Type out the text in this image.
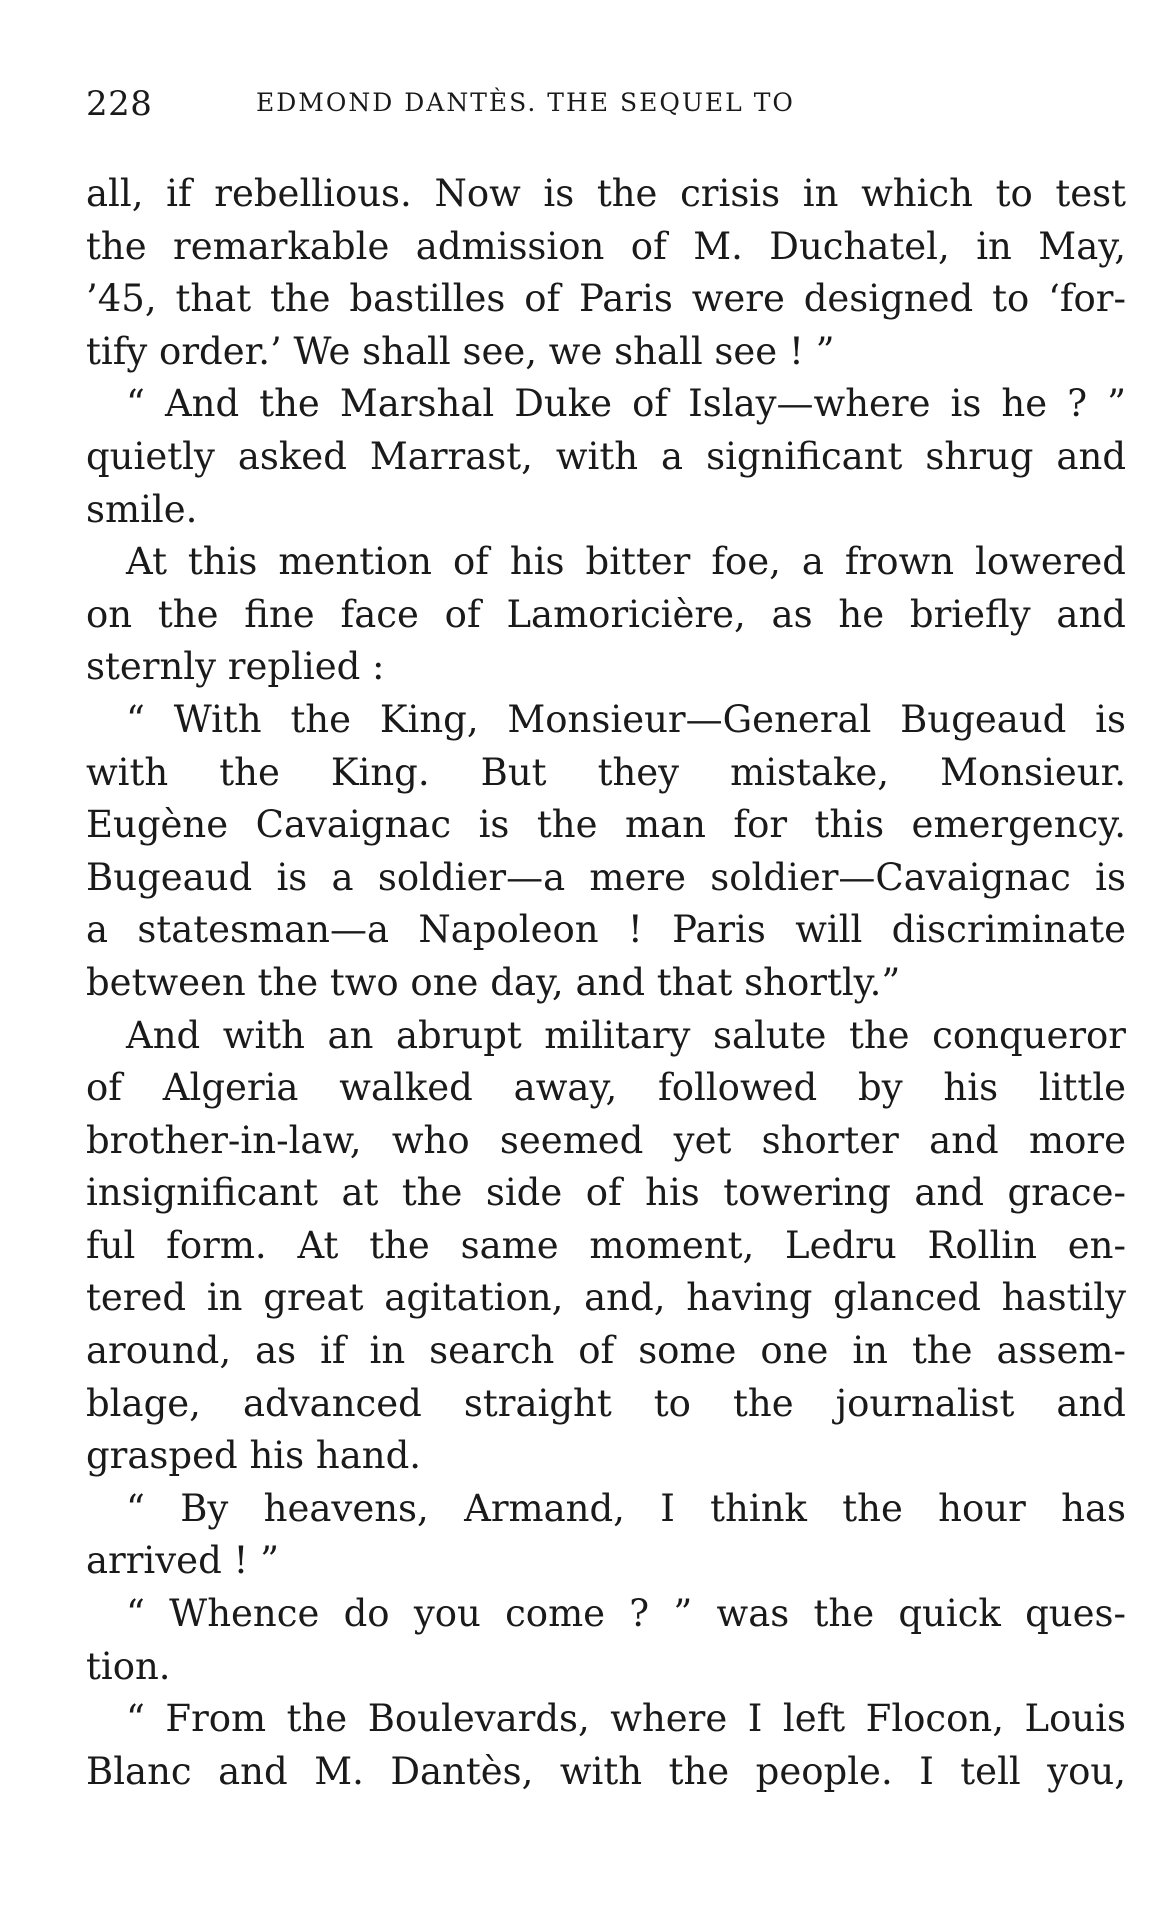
228	EDMOND DANTÈS. THE SEQUEL TO
all, if rebellious. Now is the crisis in which to test
the remarkable admission of M. Duchatel, in May,
’45, that the bastilles of Paris were designed to ‘for-
tify order.’ We shall see, we shall see ! ”
“ And the Marshal Duke of Islay—where is he ? ”
quietly asked Marrast, with a significant shrug and
smile.
At this mention of his bitter foe, a frown lowered
on the fine face of Lamoricière, as he briefly and
sternly replied :
“ With the King, Monsieur—General Bugeaud is
with the King. But they mistake, Monsieur.
Eugène Cavaignac is the man for this emergency.
Bugeaud is a soldier—a mere soldier—Cavaignac is
a statesman—a Napoleon ! Paris will discriminate
between the two one day, and that shortly.”
And with an abrupt military salute the conqueror
of Algeria walked away, followed by his little
brother-in-law, who seemed yet shorter and more
insignificant at the side of his towering and grace-
ful form. At the same moment, Ledru Rollin en-
tered in great agitation, and, having glanced hastily
around, as if in search of some one in the assem-
blage, advanced straight to the journalist and
grasped his hand.
“ By heavens, Armand, I think the hour has
arrived ! ”
“ Whence do you come ? ” was the quick ques-
tion.
“ From the Boulevards, where I left Flocon, Louis
Blanc and M. Dantès, with the people. I tell you,
